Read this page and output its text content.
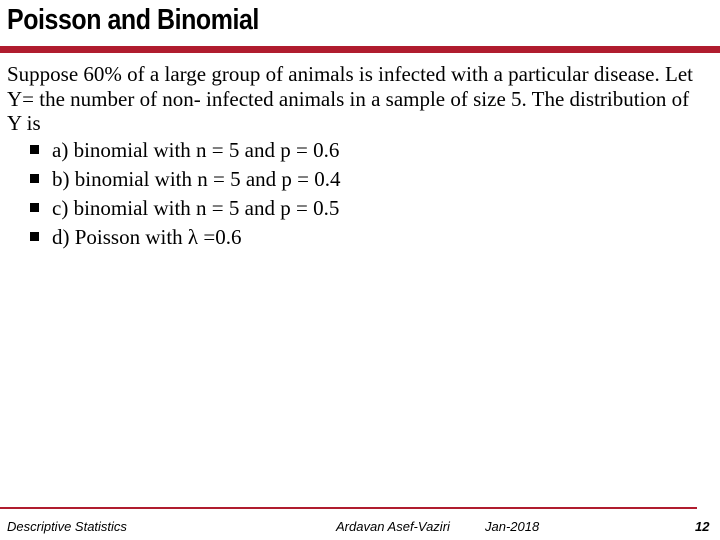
Poisson and Binomial
Suppose 60% of a large group of animals is infected with a particular disease. Let Y= the number of non- infected animals in a sample of size 5. The distribution of Y is
a) binomial with n = 5 and p = 0.6
b) binomial with n = 5 and p = 0.4
c) binomial with n = 5 and p = 0.5
d) Poisson with λ =0.6
Descriptive Statistics	Ardavan Asef-Vaziri	Jan-2018	12
